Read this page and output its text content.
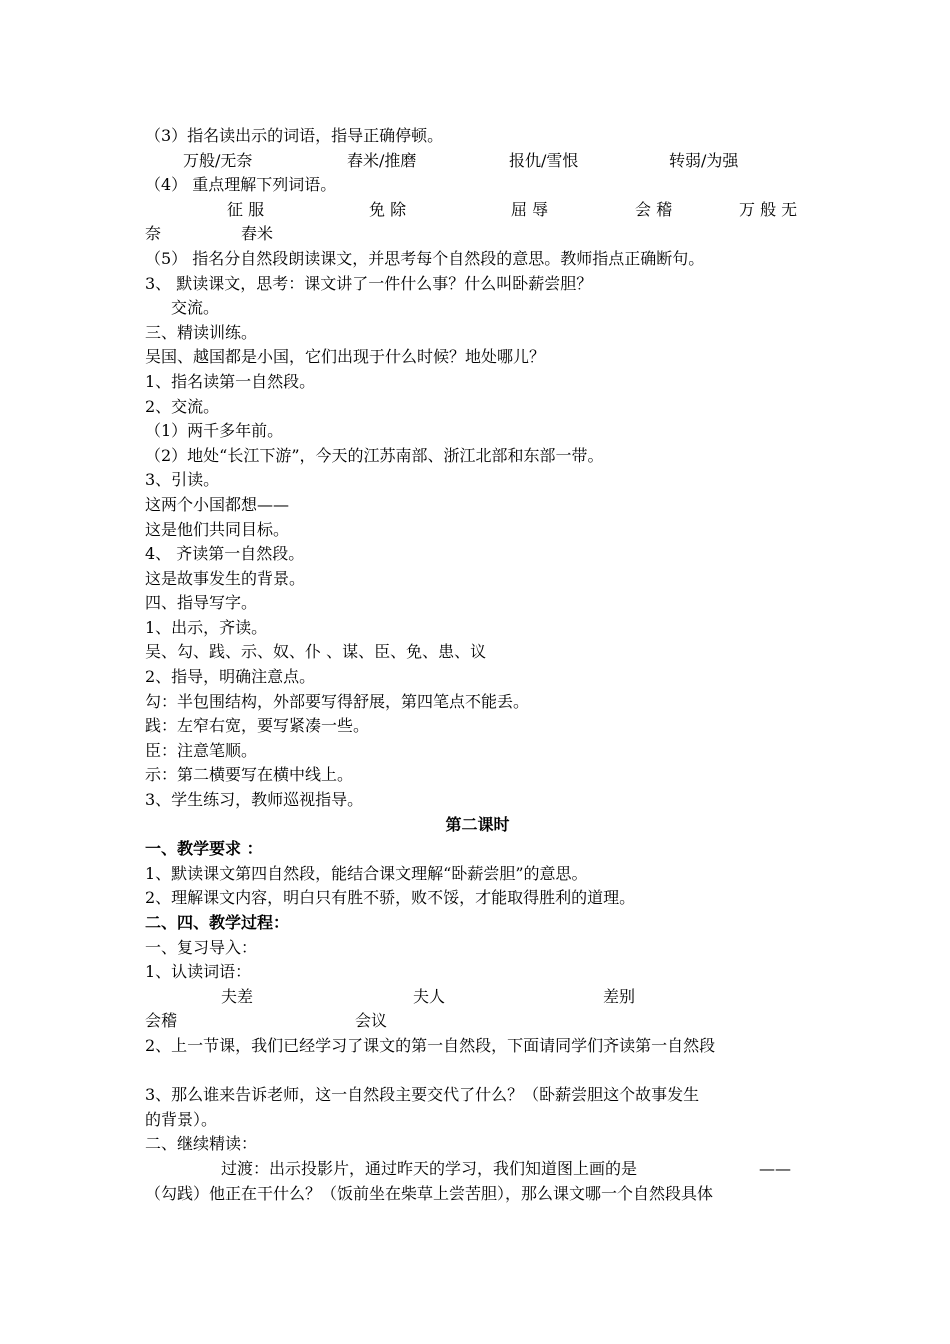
（3）指名读出示的词语，指导正确停顿。
万般/无奈	舂米/推磨	报仇/雪恨	转弱/为强
（4） 重点理解下列词语。
征 服	免 除	屈 辱	会 稽	万 般 无
奈	舂米
（5） 指名分自然段朗读课文，并思考每个自然段的意思。教师指点正确断句。
3、 默读课文，思考：课文讲了一件什么事？什么叫卧薪尝胆？
交流。
三、精读训练。
吴国、越国都是小国，它们出现于什么时候？地处哪儿？
1、指名读第一自然段。
2、交流。
（1）两千多年前。
（2）地处“长江下游”，今天的江苏南部、浙江北部和东部一带。
3、引读。
这两个小国都想——
这是他们共同目标。
4、 齐读第一自然段。
这是故事发生的背景。
四、指导写字。
1、出示，齐读。
吴、勾、践、示、奴、仆 、谋、臣、免、患、议
2、指导，明确注意点。
勾：半包围结构，外部要写得舒展，第四笔点不能丢。
践：左窄右宽，要写紧凑一些。
臣：注意笔顺。
示：第二横要写在横中线上。
3、学生练习，教师巡视指导。
第二课时
一、教学要求 ：
1、默读课文第四自然段，能结合课文理解“卧薪尝胆”的意思。
2、理解课文内容，明白只有胜不骄，败不馁，才能取得胜利的道理。
二、四、教学过程：
一、复习导入：
1、认读词语：
夫差	夫人	差别
会稽	会议
2、上一节课，我们已经学习了课文的第一自然段，下面请同学们齐读第一自然段
3、那么谁来告诉老师，这一自然段主要交代了什么？（卧薪尝胆这个故事发生
的背景）。
二、继续精读：
过渡：出示投影片，通过昨天的学习，我们知道图上画的是	——
（勾践）他正在干什么？（饭前坐在柴草上尝苦胆），那么课文哪一个自然段具体
